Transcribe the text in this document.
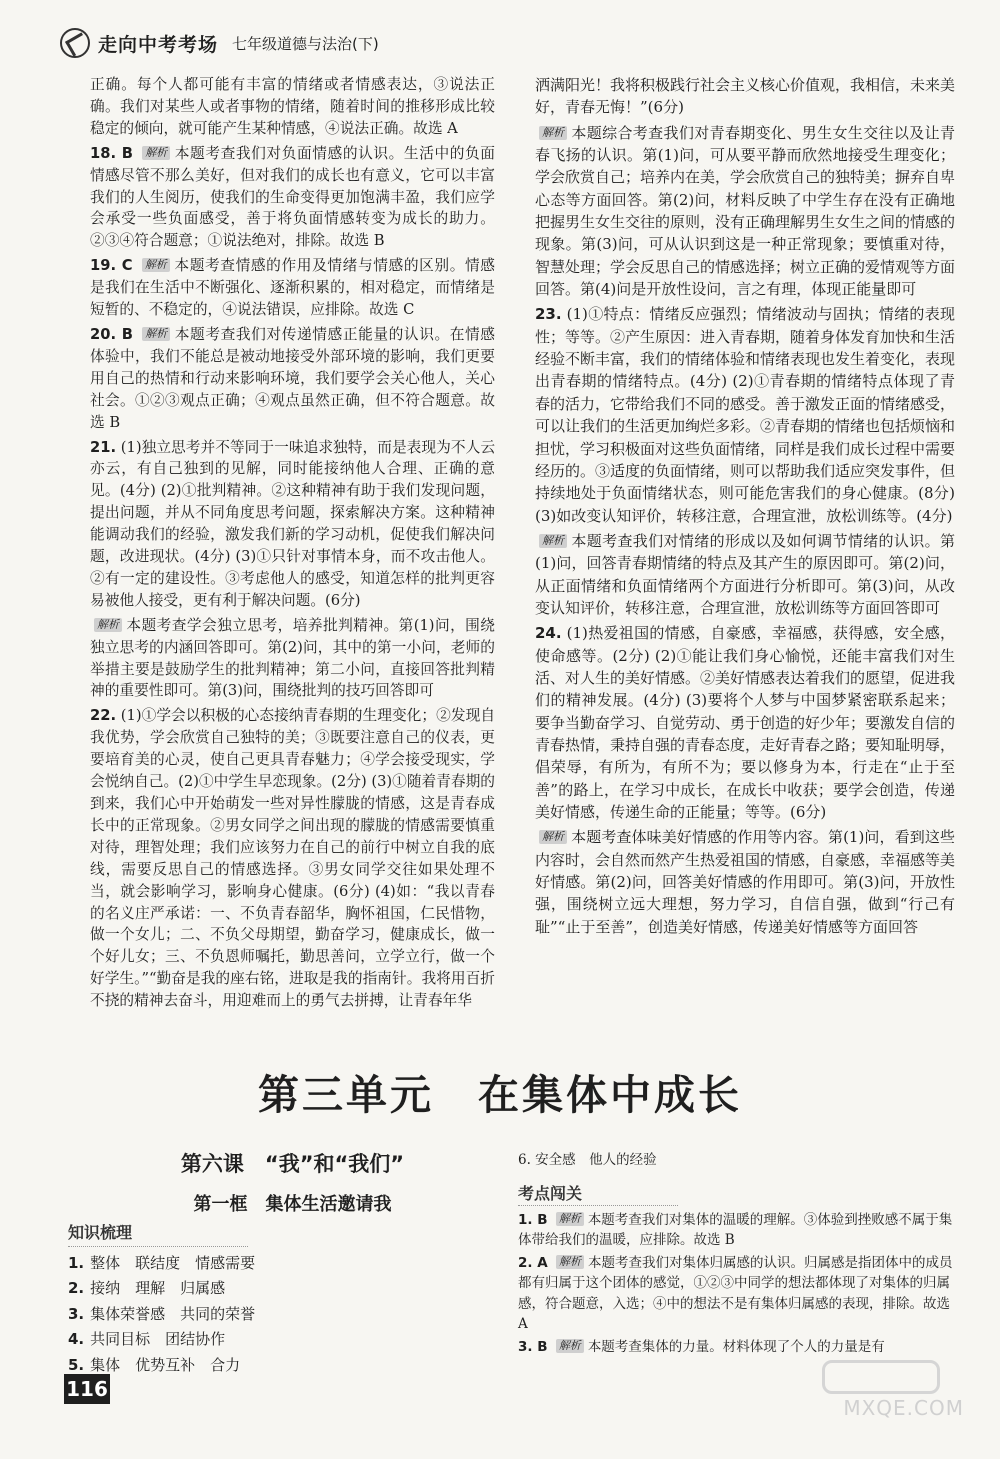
走向中考考场 七年级道德与法治(下)
正确。每个人都可能有丰富的情绪或者情感表达，③说法正确。我们对某些人或者事物的情绪，随着时间的推移形成比较稳定的倾向，就可能产生某种情感，④说法正确。故选 A
18. B 解析 本题考查我们对负面情感的认识。生活中的负面情感尽管不那么美好，但对我们的成长也有意义，它可以丰富我们的人生阅历，使我们的生命变得更加饱满丰盈，我们应学会承受一些负面感受，善于将负面情感转变为成长的助力。②③④符合题意；①说法绝对，排除。故选 B
19. C 解析 本题考查情感的作用及情绪与情感的区别。情感是我们在生活中不断强化、逐渐积累的，相对稳定，而情绪是短暂的、不稳定的，④说法错误，应排除。故选 C
20. B 解析 本题考查我们对传递情感正能量的认识。在情感体验中，我们不能总是被动地接受外部环境的影响，我们更要用自己的热情和行动来影响环境，我们要学会关心他人，关心社会。①②③观点正确；④观点虽然正确，但不符合题意。故选 B
21. (1)独立思考并不等同于一味追求独特，而是表现为不人云亦云，有自己独到的见解，同时能接纳他人合理、正确的意见。(4分) (2)①批判精神。②这种精神有助于我们发现问题，提出问题，并从不同角度思考问题，探索解决方案。这种精神能调动我们的经验，激发我们新的学习动机，促使我们解决问题，改进现状。(4分) (3)①只针对事情本身，而不攻击他人。②有一定的建设性。③考虑他人的感受，知道怎样的批判更容易被他人接受，更有利于解决问题。(6分)
解析 本题考查学会独立思考，培养批判精神。第(1)问，围绕独立思考的内涵回答即可。第(2)问，其中的第一小问，老师的举措主要是鼓励学生的批判精神；第二小问，直接回答批判精神的重要性即可。第(3)问，围绕批判的技巧回答即可
22. (1)①学会以积极的心态接纳青春期的生理变化；②发现自我优势，学会欣赏自己独特的美；③既要注意自己的仪表，更要培育美的心灵，使自己更具青春魅力；④学会接受现实，学会悦纳自己。(2)①中学生早恋现象。(2分) (3)①随着青春期的到来，我们心中开始萌发一些对异性朦胧的情感，这是青春成长中的正常现象。②男女同学之间出现的朦胧的情感需要慎重对待，理智处理；我们应该努力在自己的前行中树立自我的底线，需要反思自己的情感选择。③男女同学交往如果处理不当，就会影响学习，影响身心健康。(6分) (4)如：“我以青春的名义庄严承诺：一、不负青春韶华，胸怀祖国，仁民惜物，做一个女儿；二、不负父母期望，勤奋学习，健康成长，做一个好儿女；三、不负恩师嘱托，勤思善问，立学立行，做一个好学生。”“勤奋是我的座右铭，进取是我的指南针。我将用百折不挠的精神去奋斗，用迎难而上的勇气去拼搏，让青春年华
洒满阳光！我将积极践行社会主义核心价值观，我相信，未来美好，青春无悔！”(6分)
解析 本题综合考查我们对青春期变化、男生女生交往以及让青春飞扬的认识。第(1)问，可从要平静而欣然地接受生理变化；学会欣赏自己；培养内在美，学会欣赏自己的独特美；摒弃自卑心态等方面回答。第(2)问，材料反映了中学生存在没有正确地把握男生女生交往的原则，没有正确理解男生女生之间的情感的现象。第(3)问，可从认识到这是一种正常现象；要慎重对待，智慧处理；学会反思自己的情感选择；树立正确的爱情观等方面回答。第(4)问是开放性设问，言之有理，体现正能量即可
23. (1)①特点：情绪反应强烈；情绪波动与固执；情绪的表现性；等等。②产生原因：进入青春期，随着身体发育加快和生活经验不断丰富，我们的情绪体验和情绪表现也发生着变化，表现出青春期的情绪特点。(4分) (2)①青春期的情绪特点体现了青春的活力，它带给我们不同的感受。善于激发正面的情绪感受，可以让我们的生活更加绚烂多彩。②青春期的情绪也包括烦恼和担忧，学习积极面对这些负面情绪，同样是我们成长过程中需要经历的。③适度的负面情绪，则可以帮助我们适应突发事件，但持续地处于负面情绪状态，则可能危害我们的身心健康。(8分) (3)如改变认知评价，转移注意，合理宣泄，放松训练等。(4分)
解析 本题考查我们对情绪的形成以及如何调节情绪的认识。第(1)问，回答青春期情绪的特点及其产生的原因即可。第(2)问，从正面情绪和负面情绪两个方面进行分析即可。第(3)问，从改变认知评价，转移注意，合理宣泄，放松训练等方面回答即可
24. (1)热爱祖国的情感，自豪感，幸福感，获得感，安全感，使命感等。(2分) (2)①能让我们身心愉悦，还能丰富我们对生活、对人生的美好情感。②美好情感表达着我们的愿望，促进我们的精神发展。(4分) (3)要将个人梦与中国梦紧密联系起来；要争当勤奋学习、自觉劳动、勇于创造的好少年；要激发自信的青春热情，秉持自强的青春态度，走好青春之路；要知耻明辱，倡荣辱，有所为，有所不为；要以修身为本，行走在“止于至善”的路上，在学习中成长，在成长中收获；要学会创造，传递美好情感，传递生命的正能量；等等。(6分)
解析 本题考查体味美好情感的作用等内容。第(1)问，看到这些内容时，会自然而然产生热爱祖国的情感，自豪感，幸福感等美好情感。第(2)问，回答美好情感的作用即可。第(3)问，开放性强，围绕树立远大理想，努力学习，自信自强，做到“行己有耻”“止于至善”，创造美好情感，传递美好情感等方面回答
第三单元　在集体中成长
第六课　“我”和“我们”
第一框　集体生活邀请我
知识梳理
1. 整体　联结度　情感需要
2. 接纳　理解　归属感
3. 集体荣誉感　共同的荣誉
4. 共同目标　团结协作
5. 集体　优势互补　合力
6. 安全感　他人的经验
考点闯关
1. B 解析 本题考查我们对集体的温暖的理解。③体验到挫败感不属于集体带给我们的温暖，应排除。故选 B
2. A 解析 本题考查我们对集体归属感的认识。归属感是指团体中的成员都有归属于这个团体的感觉，①②③中同学的想法都体现了对集体的归属感，符合题意，入选；④中的想法不是有集体归属感的表现，排除。故选 A
3. B 解析 本题考查集体的力量。材料体现了个人的力量是有
116
MXQE.COM
